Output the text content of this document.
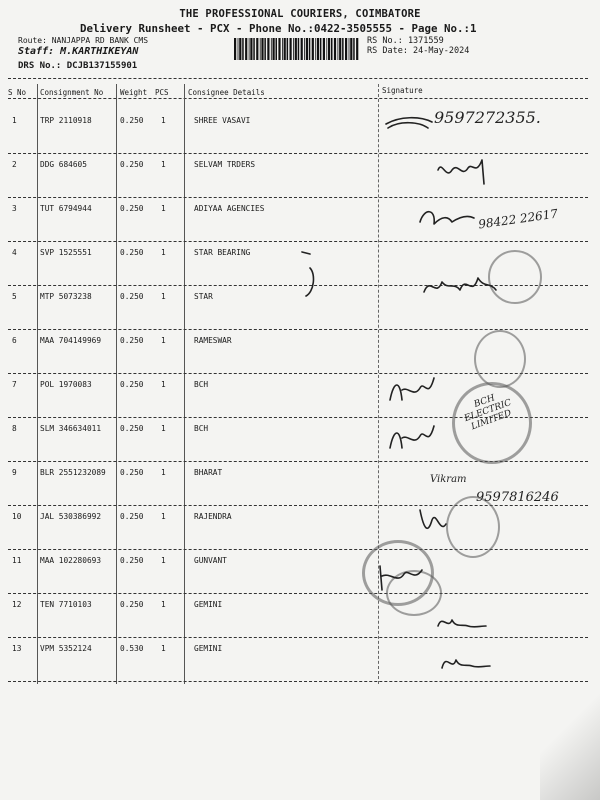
THE PROFESSIONAL COURIERS, COIMBATORE
Delivery Runsheet - PCX - Phone No.:0422-3505555 - Page No.:1
Route: NANJAPPA RD BANK CMS
Staff: M.KARTHIKEYAN
DRS No.: DCJB137155901
RS No.: 1371559
RS Date: 24-May-2024
S No Consignment No Weight PCS	Consignee Details	Signature
1	TRP 2110918	0.250 1	SHREE VASAVI
2	DDG 684605	0.250 1	SELVAM TRDERS
3	TUT 6794944	0.250 1	ADIYAA AGENCIES
4	SVP 1525551	0.250 1	STAR BEARING
5	MTP 5073238	0.250 1	STAR
6	MAA 704149969 0.250 1	RAMESWAR
7	POL 1970083	0.250 1	BCH
8	SLM 346634011 0.250 1	BCH
9	BLR 2551232089 0.250 1	BHARAT
10 JAL 530386992 0.250 1	RAJENDRA
11 MAA 102280693 0.250 1	GUNVANT
12 TEN 7710103	0.250 1	GEMINI
13 VPM 5352124	0.530 1	GEMINI
BCH ELECTRIC LIMITED
9597272355.
98422 22617
Vikram
9597816246
